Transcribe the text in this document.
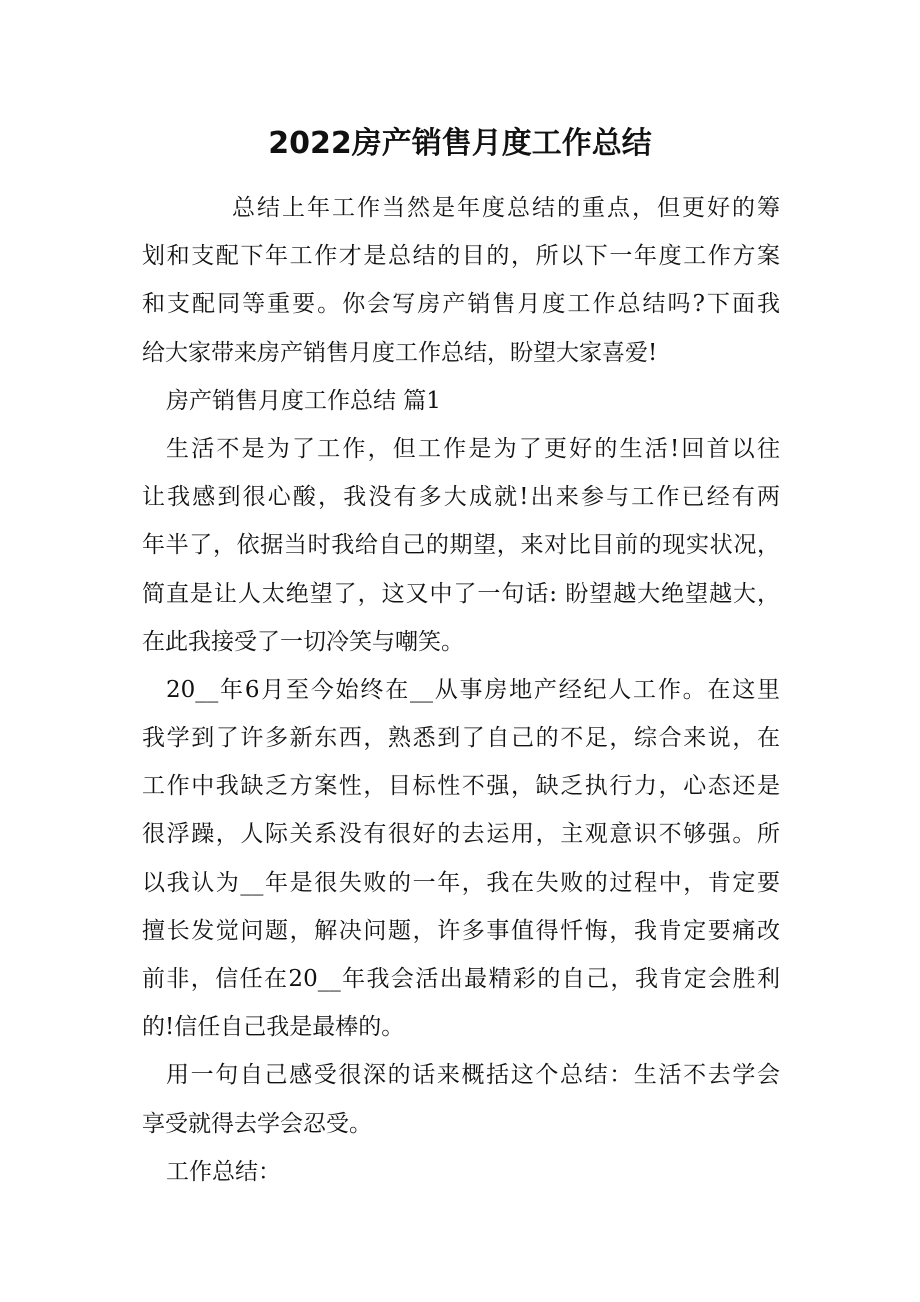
2022房产销售月度工作总结
总结上年工作当然是年度总结的重点，但更好的筹
划和支配下年工作才是总结的目的，所以下一年度工作方案
和支配同等重要。你会写房产销售月度工作总结吗?下面我
给大家带来房产销售月度工作总结，盼望大家喜爱!
房产销售月度工作总结 篇1
生活不是为了工作，但工作是为了更好的生活!回首以往
让我感到很心酸，我没有多大成就!出来参与工作已经有两
年半了，依据当时我给自己的期望，来对比目前的现实状况，
简直是让人太绝望了，这又中了一句话: 盼望越大绝望越大，
在此我接受了一切冷笑与嘲笑。
20__年6月至今始终在__从事房地产经纪人工作。在这里
我学到了许多新东西，熟悉到了自己的不足，综合来说，在
工作中我缺乏方案性，目标性不强，缺乏执行力，心态还是
很浮躁，人际关系没有很好的去运用，主观意识不够强。所
以我认为__年是很失败的一年，我在失败的过程中，肯定要
擅长发觉问题，解决问题，许多事值得忏悔，我肯定要痛改
前非，信任在20__年我会活出最精彩的自己，我肯定会胜利
的!信任自己我是最棒的。
用一句自己感受很深的话来概括这个总结：生活不去学会
享受就得去学会忍受。
工作总结：
